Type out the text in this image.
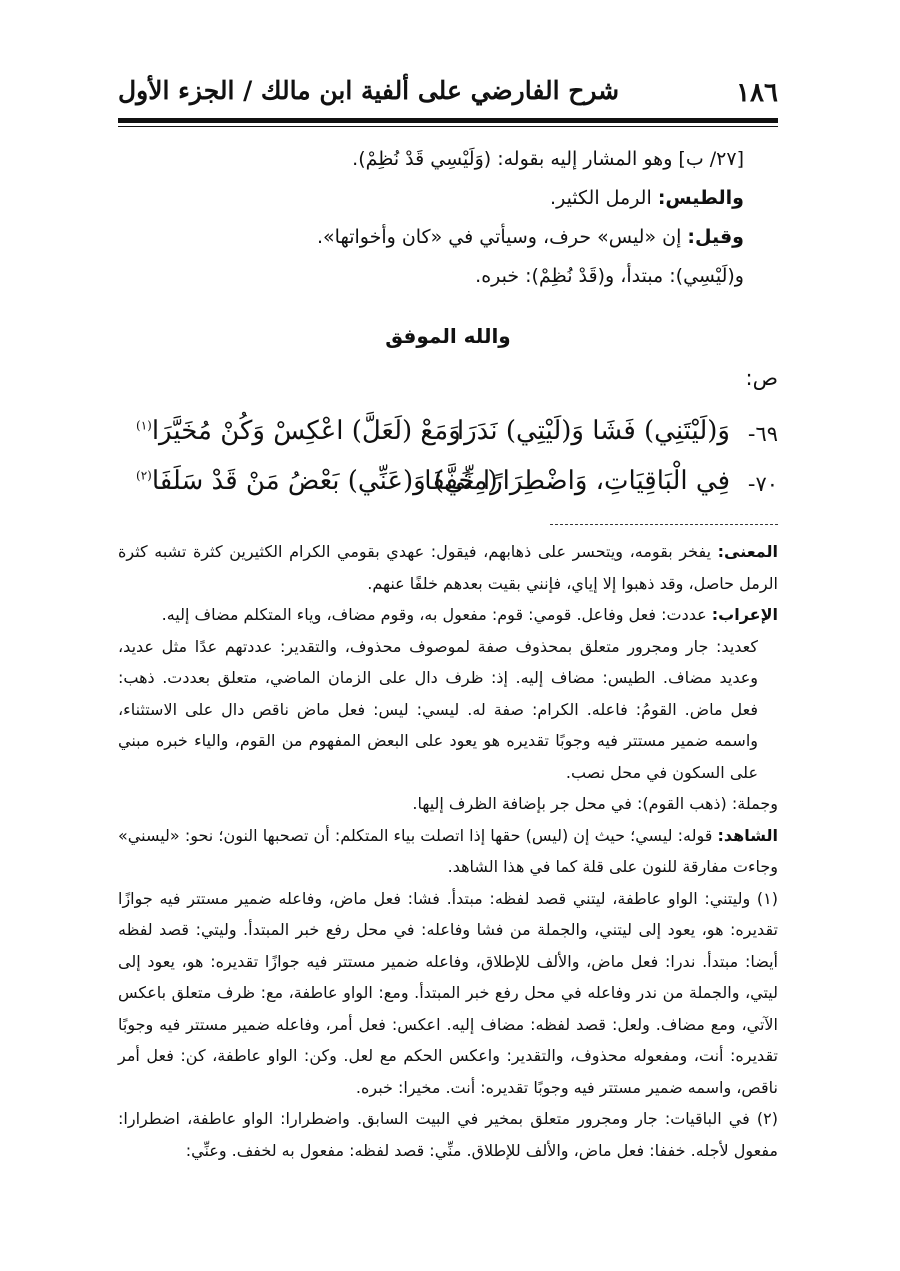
١٨٦
شرح الفارضي على ألفية ابن مالك / الجزء الأول

[٢٧/ ب] وهو المشار إليه بقوله: (وَلَيْسِي قَدْ نُظِمْ).

والطيس: الرمل الكثير.

وقيل: إن «ليس» حرف، وسيأتي في «كان وأخواتها».

و(لَيْسِي): مبتدأ، و(قَدْ نُظِمْ): خبره.

والله الموفق
ص:
٦٩-
وَ(لَيْتَنِي) فَشَا وَ(لَيْتِي) نَدَرَا
وَمَعْ (لَعَلَّ) اعْكِسْ وَكُنْ مُخَيَّرَا$^{(١)}$
٧٠-
فِي الْبَاقِيَاتِ، وَاضْطِرَارًا خَفَّفَا
(مِنِّي) وَ(عَنِّي) بَعْضُ مَنْ قَدْ سَلَفَا$^{(٢)}$

المعنى: يفخر بقومه، ويتحسر على ذهابهم، فيقول: عهدي بقومي الكرام الكثيرين كثرة تشبه كثرة الرمل حاصل، وقد ذهبوا إلا إياي، فإنني بقيت بعدهم خلفًا عنهم.

الإعراب: عددت: فعل وفاعل. قومي: قوم: مفعول به، وقوم مضاف، وياء المتكلم مضاف إليه.

كعديد: جار ومجرور متعلق بمحذوف صفة لموصوف محذوف، والتقدير: عددتهم عدًا مثل عديد، وعديد مضاف. الطيس: مضاف إليه. إذ: ظرف دال على الزمان الماضي، متعلق بعددت. ذهب: فعل ماض. القومُ: فاعله. الكرام: صفة له. ليسي: ليس: فعل ماض ناقص دال على الاستثناء، واسمه ضمير مستتر فيه وجوبًا تقديره هو يعود على البعض المفهوم من القوم، والياء خبره مبني على السكون في محل نصب.

وجملة: (ذهب القوم): في محل جر بإضافة الظرف إليها.

الشاهد: قوله: ليسي؛ حيث إن (ليس) حقها إذا اتصلت بياء المتكلم: أن تصحبها النون؛ نحو: «ليسني» وجاءت مفارقة للنون على قلة كما في هذا الشاهد.

(١) وليتني: الواو عاطفة، ليتني قصد لفظه: مبتدأ. فشا: فعل ماض، وفاعله ضمير مستتر فيه جوازًا تقديره: هو، يعود إلى ليتني، والجملة من فشا وفاعله: في محل رفع خبر المبتدأ. وليتي: قصد لفظه أيضا: مبتدأ. ندرا: فعل ماض، والألف للإطلاق، وفاعله ضمير مستتر فيه جوازًا تقديره: هو، يعود إلى ليتي، والجملة من ندر وفاعله في محل رفع خبر المبتدأ. ومع: الواو عاطفة، مع: ظرف متعلق باعكس الآتي، ومع مضاف. ولعل: قصد لفظه: مضاف إليه. اعكس: فعل أمر، وفاعله ضمير مستتر فيه وجوبًا تقديره: أنت، ومفعوله محذوف، والتقدير: واعكس الحكم مع لعل. وكن: الواو عاطفة، كن: فعل أمر ناقص، واسمه ضمير مستتر فيه وجوبًا تقديره: أنت. مخيرا: خبره.

(٢) في الباقيات: جار ومجرور متعلق بمخير في البيت السابق. واضطرارا: الواو عاطفة، اضطرارا: مفعول لأجله. خففا: فعل ماض، والألف للإطلاق. منِّي: قصد لفظه: مفعول به لخفف. وعنِّي:
